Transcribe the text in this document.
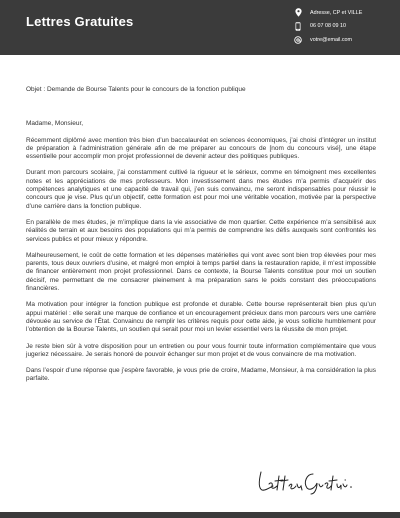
Lettres Gratuites
Adresse, CP et VILLE
06 07 08 09 10
votre@email.com

Objet : Demande de Bourse Talents pour le concours de la fonction publique

Madame, Monsieur,

Récemment diplômé avec mention très bien d’un baccalauréat en sciences économiques, j’ai choisi d’intégrer un institut de préparation à l’administration générale afin de me préparer au concours de [nom du concours visé], une étape essentielle pour accomplir mon projet professionnel de devenir acteur des politiques publiques.

Durant mon parcours scolaire, j’ai constamment cultivé la rigueur et le sérieux, comme en témoignent mes excellentes notes et les appréciations de mes professeurs. Mon investissement dans mes études m’a permis d’acquérir des compétences analytiques et une capacité de travail qui, j’en suis convaincu, me seront indispensables pour réussir le concours que je vise. Plus qu’un objectif, cette formation est pour moi une véritable vocation, motivée par la perspective d’une carrière dans la fonction publique.

En parallèle de mes études, je m’implique dans la vie associative de mon quartier. Cette expérience m’a sensibilisé aux réalités de terrain et aux besoins des populations qui m’a permis de comprendre les défis auxquels sont confrontés les services publics et pour mieux y répondre.

Malheureusement, le coût de cette formation et les dépenses matérielles qui vont avec sont bien trop élevées pour mes parents, tous deux ouvriers d’usine, et malgré mon emploi à temps partiel dans la restauration rapide, il m’est impossible de financer entièrement mon projet professionnel. Dans ce contexte, la Bourse Talents constitue pour moi un soutien décisif, me permettant de me consacrer pleinement à ma préparation sans le poids constant des préoccupations financières.

Ma motivation pour intégrer la fonction publique est profonde et durable. Cette bourse représenterait bien plus qu’un appui matériel : elle serait une marque de confiance et un encouragement précieux dans mon parcours vers une carrière dévouée au service de l’État. Convaincu de remplir les critères requis pour cette aide, je vous sollicite humblement pour l’obtention de la Bourse Talents, un soutien qui serait pour moi un levier essentiel vers la réussite de mon projet.

Je reste bien sûr à votre disposition pour un entretien ou pour vous fournir toute information complémentaire que vous jugeriez nécessaire. Je serais honoré de pouvoir échanger sur mon projet et de vous convaincre de ma motivation.

Dans l’espoir d’une réponse que j’espère favorable, je vous prie de croire, Madame, Monsieur, à ma considération la plus parfaite.
